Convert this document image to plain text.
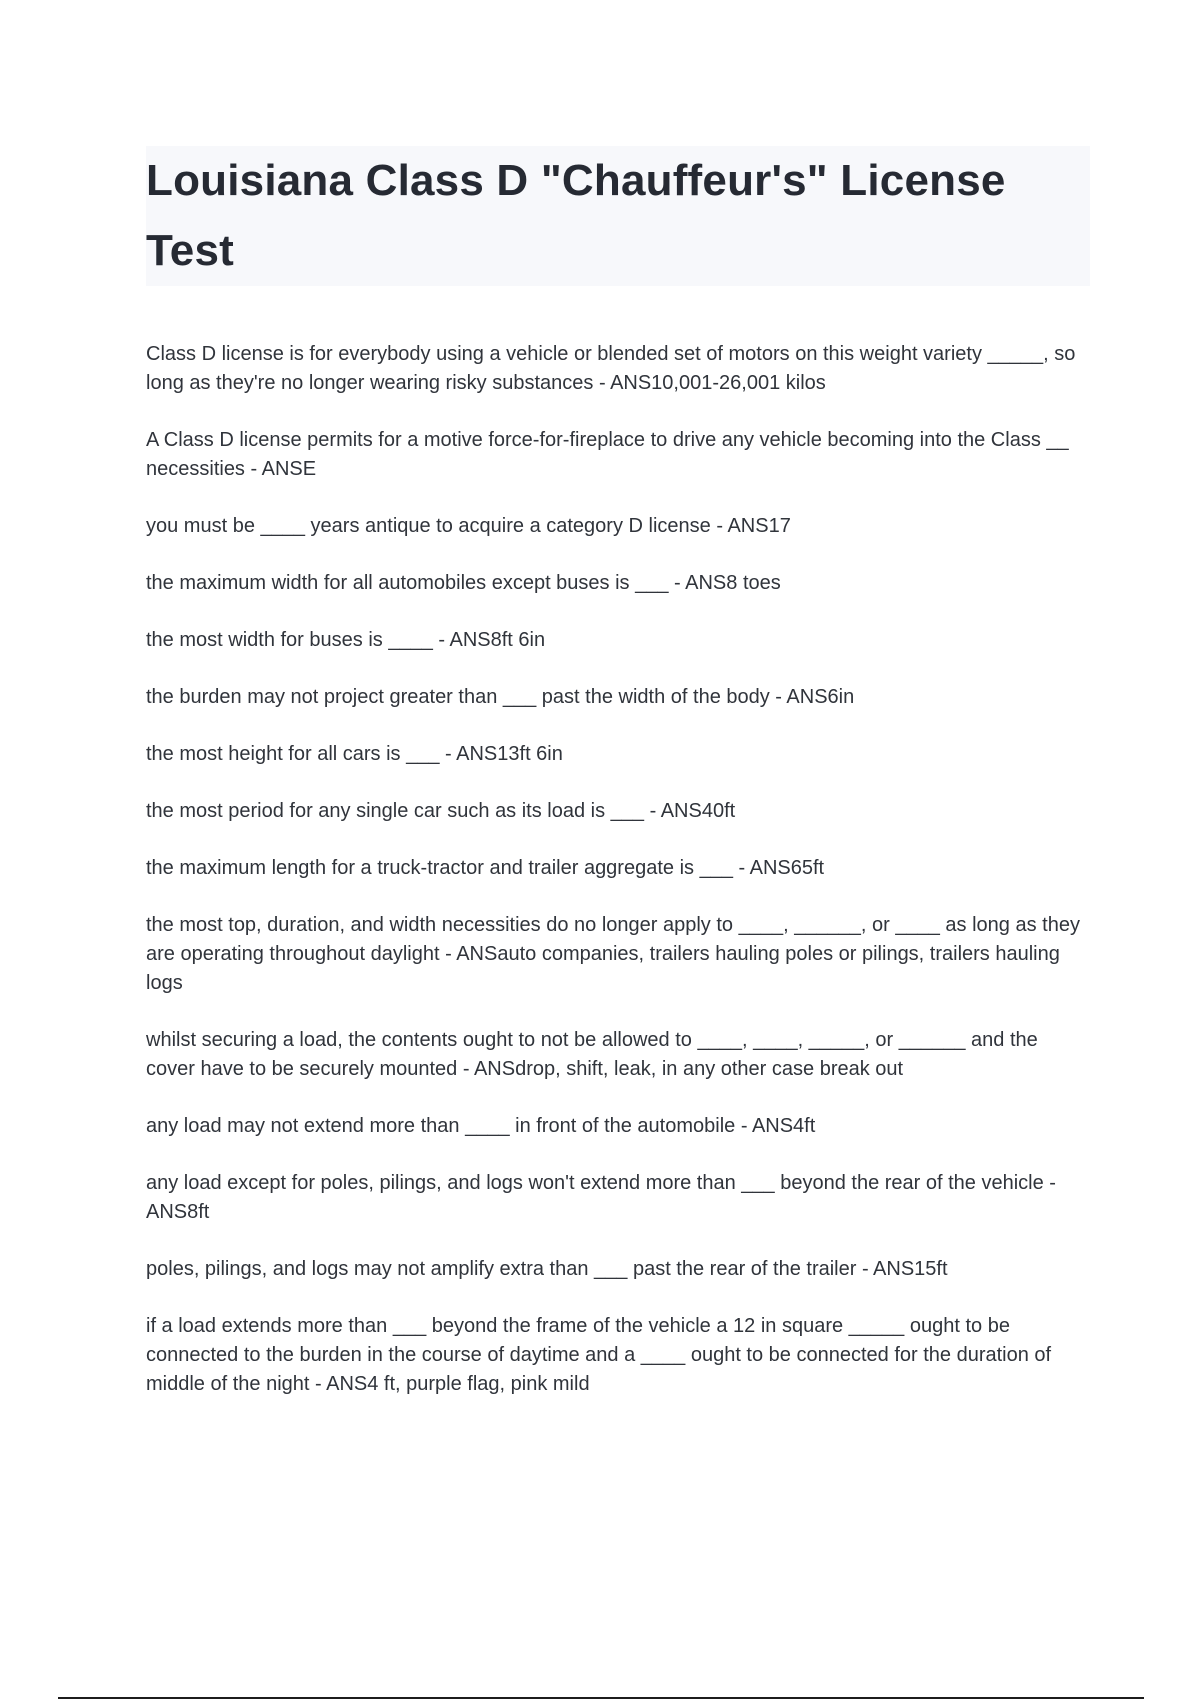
Louisiana Class D "Chauffeur's" License Test

Class D license is for everybody using a vehicle or blended set of motors on this weight variety _____, so long as they're no longer wearing risky substances - ANS10,001-26,001 kilos

A Class D license permits for a motive force-for-fireplace to drive any vehicle becoming into the Class __ necessities - ANSE

you must be ____ years antique to acquire a category D license - ANS17

the maximum width for all automobiles except buses is ___ - ANS8 toes

the most width for buses is ____ - ANS8ft 6in

the burden may not project greater than ___ past the width of the body - ANS6in

the most height for all cars is ___ - ANS13ft 6in

the most period for any single car such as its load is ___ - ANS40ft

the maximum length for a truck-tractor and trailer aggregate is ___ - ANS65ft

the most top, duration, and width necessities do no longer apply to ____, ______, or ____ as long as they are operating throughout daylight - ANSauto companies, trailers hauling poles or pilings, trailers hauling logs

whilst securing a load, the contents ought to not be allowed to ____, ____, _____, or ______ and the cover have to be securely mounted - ANSdrop, shift, leak, in any other case break out

any load may not extend more than ____ in front of the automobile - ANS4ft

any load except for poles, pilings, and logs won't extend more than ___ beyond the rear of the vehicle - ANS8ft

poles, pilings, and logs may not amplify extra than ___ past the rear of the trailer - ANS15ft

if a load extends more than ___ beyond the frame of the vehicle a 12 in square _____ ought to be connected to the burden in the course of daytime and a ____ ought to be connected for the duration of middle of the night - ANS4 ft, purple flag, pink mild
